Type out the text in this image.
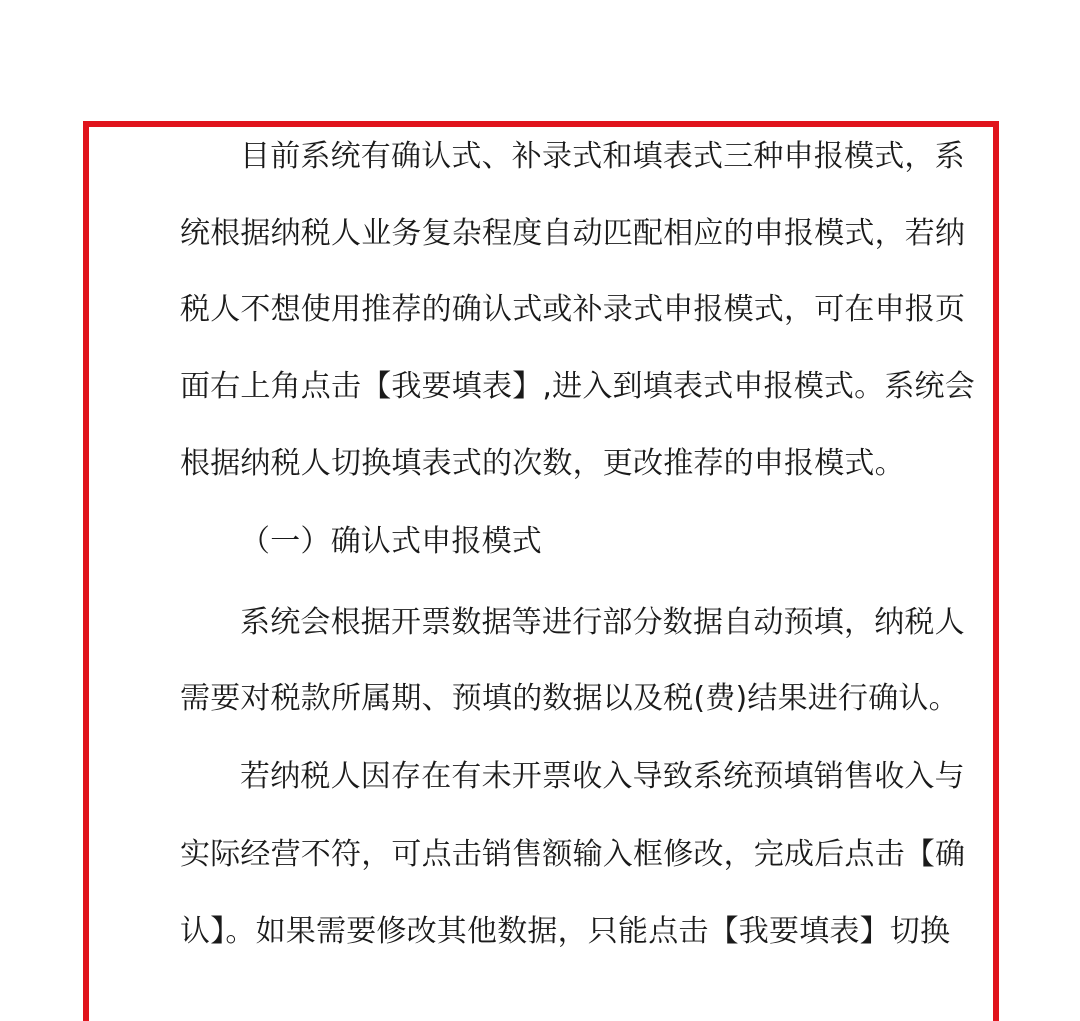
目前系统有确认式、补录式和填表式三种申报模式，系
统根据纳税人业务复杂程度自动匹配相应的申报模式，若纳
税人不想使用推荐的确认式或补录式申报模式，可在申报页
面右上角点击【我要填表】,进入到填表式申报模式。系统会
根据纳税人切换填表式的次数，更改推荐的申报模式。
（一）确认式申报模式
系统会根据开票数据等进行部分数据自动预填，纳税人
需要对税款所属期、预填的数据以及税(费)结果进行确认。
若纳税人因存在有未开票收入导致系统预填销售收入与
实际经营不符，可点击销售额输入框修改，完成后点击【确
认】。如果需要修改其他数据，只能点击【我要填表】切换
